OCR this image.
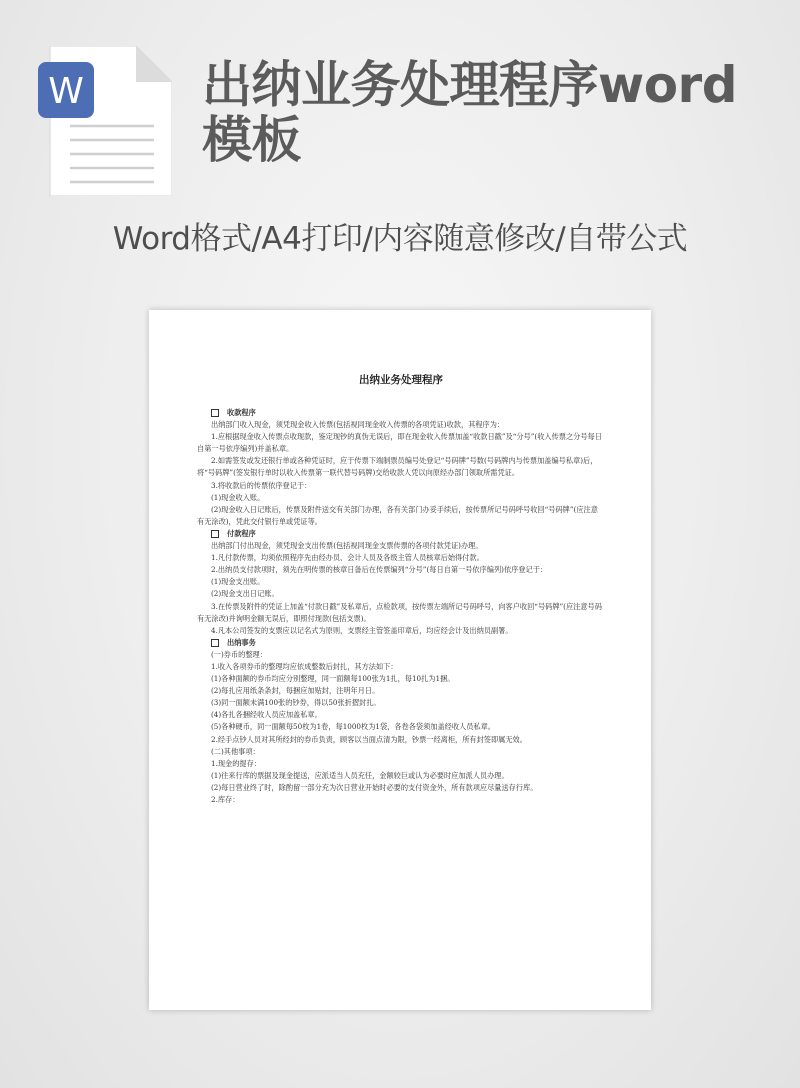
W 出纳业务处理程序word模板
Word格式/A4打印/内容随意修改/自带公式
出纳业务处理程序

收款程序

出纳部门收入现金，须凭现金收入传票(包括视同现金收入传票的各项凭证)收款，其程序为：

1.应根据现金收入传票点收现款，鉴定现钞的真伪无误后，即在现金收入传票加盖“收款日戳”及“分号”(收入传票之分号每日自第一号依序编列)并盖私章。

2.如需签发或发还银行单或各种凭证时，应于传票下端制票员编号处登记“号码牌”号数(号码牌内与传票加盖编号私章)后，将“号码牌”(签发银行单时以收入传票第一联代替号码牌)交给收款人凭以向原经办部门领取所需凭证。

3.将收款后的传票依序登记于：

(1)现金收入账。

(2)现金收入日记账后，传票及附件送交有关部门办理，各有关部门办妥手续后，按传票所记号码呼号收回“号码牌”(应注意有无涂改)，凭此交付银行单或凭证等。

付款程序

出纳部门付出现金，须凭现金支出传票(包括视同现金支票传票的各项付款凭证)办理。

1.凡付款传票，均须依照程序先由经办员、会计人员及各级主管人员核章后始得付款。

2.出纳员支付款项时，须先在明传票的核章日备后在传票编列“分号”(每日自第一号依序编列)依序登记于：

(1)现金支出账。

(2)现金支出日记账。

3.在传票及附件的凭证上加盖“付款日戳”及私章后，点检款项，按传票左端所记号码呼号，向客户收回“号码牌”(应注意号码有无涂改)并询明金额无误后，即照付现款(包括支票)。

4.凡本公司签发的支票应以记名式为原则，支票经主管签盖印章后，均应经会计及出纳员副署。

出纳事务

(一)券币的整理：

1.收入各项券币的整理均应依成整数后封扎，其方法如下：

(1)各种面额的券币均应分别整理，同一面额每100张为1扎，每10扎为1捆。

(2)每扎应用纸条条封，每捆应加贴封，注明年月日。

(3)同一面额未满100张的钞券，得以50张折摺封扎。

(4)各扎各捆经收人员应加盖私章。

(5)各种硬币，同一面额每50枚为1卷，每1000枚为1袋，各卷各袋须加盖经收人员私章。

2.经手点钞人员对其所经封的券币负责，顾客以当面点清为限，钞票一经离柜，所有封签即属无效。

(二)其他事项：

1.现金的提存：

(1)往来行库的票据及现金提送，应派适当人员充任，金额较巨或认为必要时应加派人员办理。

(2)每日营业终了时，除酌留一部分充为次日营业开始时必要的支付资金外，所有款项应尽量送存行库。

2.库存：
